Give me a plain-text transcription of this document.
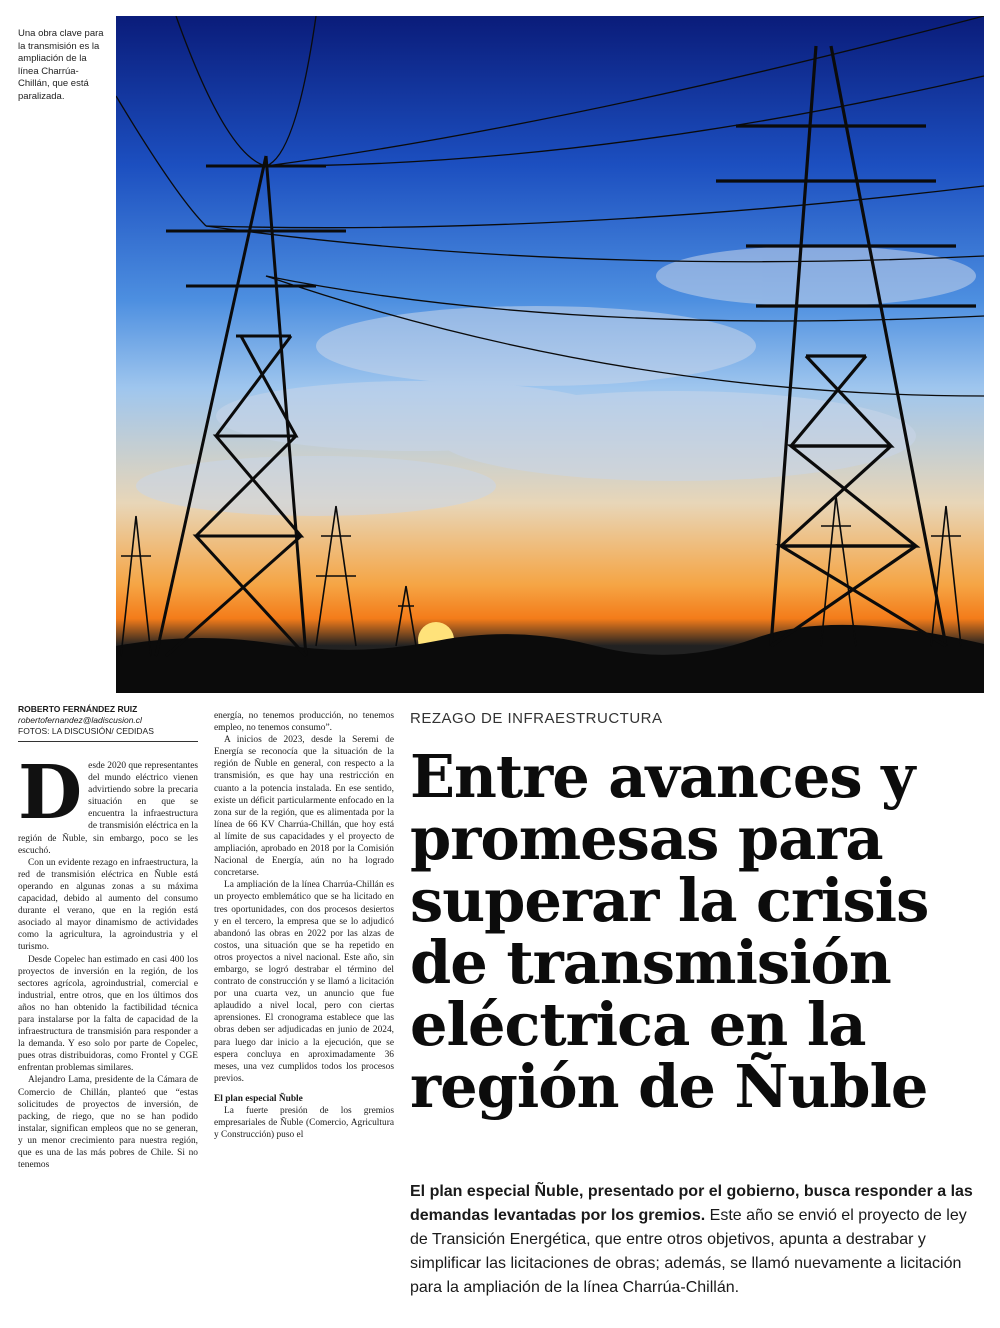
Una obra clave para la transmisión es la ampliación de la línea Charrúa-Chillán, que está paralizada.
ROBERTO FERNÁNDEZ RUIZ
robertofernandez@ladiscusion.cl
FOTOS: LA DISCUSIÓN/ CEDIDAS

Desde 2020 que representantes del mundo eléctrico vienen advirtiendo sobre la precaria situación en que se encuentra la infraestructura de transmisión eléctrica en la región de Ñuble, sin embargo, poco se les escuchó.

Con un evidente rezago en infraestructura, la red de transmisión eléctrica en Ñuble está operando en algunas zonas a su máxima capacidad, debido al aumento del consumo durante el verano, que en la región está asociado al mayor dinamismo de actividades como la agricultura, la agroindustria y el turismo.

Desde Copelec han estimado en casi 400 los proyectos de inversión en la región, de los sectores agrícola, agroindustrial, comercial e industrial, entre otros, que en los últimos dos años no han obtenido la factibilidad técnica para instalarse por la falta de capacidad de la infraestructura de transmisión para responder a la demanda. Y eso solo por parte de Copelec, pues otras distribuidoras, como Frontel y CGE enfrentan problemas similares.

Alejandro Lama, presidente de la Cámara de Comercio de Chillán, planteó que “estas solicitudes de proyectos de inversión, de packing, de riego, que no se han podido instalar, significan empleos que no se generan, y un menor crecimiento para nuestra región, que es una de las más pobres de Chile. Si no tenemos

energía, no tenemos producción, no tenemos empleo, no tenemos consumo”.

A inicios de 2023, desde la Seremi de Energía se reconocía que la situación de la región de Ñuble en general, con respecto a la transmisión, es que hay una restricción en cuanto a la potencia instalada. En ese sentido, existe un déficit particularmente enfocado en la zona sur de la región, que es alimentada por la línea de 66 KV Charrúa-Chillán, que hoy está al límite de sus capacidades y el proyecto de ampliación, aprobado en 2018 por la Comisión Nacional de Energía, aún no ha logrado concretarse.

La ampliación de la línea Charrúa-Chillán es un proyecto emblemático que se ha licitado en tres oportunidades, con dos procesos desiertos y en el tercero, la empresa que se lo adjudicó abandonó las obras en 2022 por las alzas de costos, una situación que se ha repetido en otros proyectos a nivel nacional. Este año, sin embargo, se logró destrabar el término del contrato de construcción y se llamó a licitación por una cuarta vez, un anuncio que fue aplaudido a nivel local, pero con ciertas aprensiones. El cronograma establece que las obras deben ser adjudicadas en junio de 2024, para luego dar inicio a la ejecución, que se espera concluya en aproximadamente 36 meses, una vez cumplidos todos los procesos previos.

El plan especial Ñuble

La fuerte presión de los gremios empresariales de Ñuble (Comercio, Agricultura y Construcción) puso el

REZAGO DE INFRAESTRUCTURA
Entre avances y promesas para superar la crisis de transmisión eléctrica en la región de Ñuble

El plan especial Ñuble, presentado por el gobierno, busca responder a las demandas levantadas por los gremios. Este año se envió el proyecto de ley de Transición Energética, que entre otros objetivos, apunta a destrabar y simplificar las licitaciones de obras; además, se llamó nuevamente a licitación para la ampliación de la línea Charrúa-Chillán.
